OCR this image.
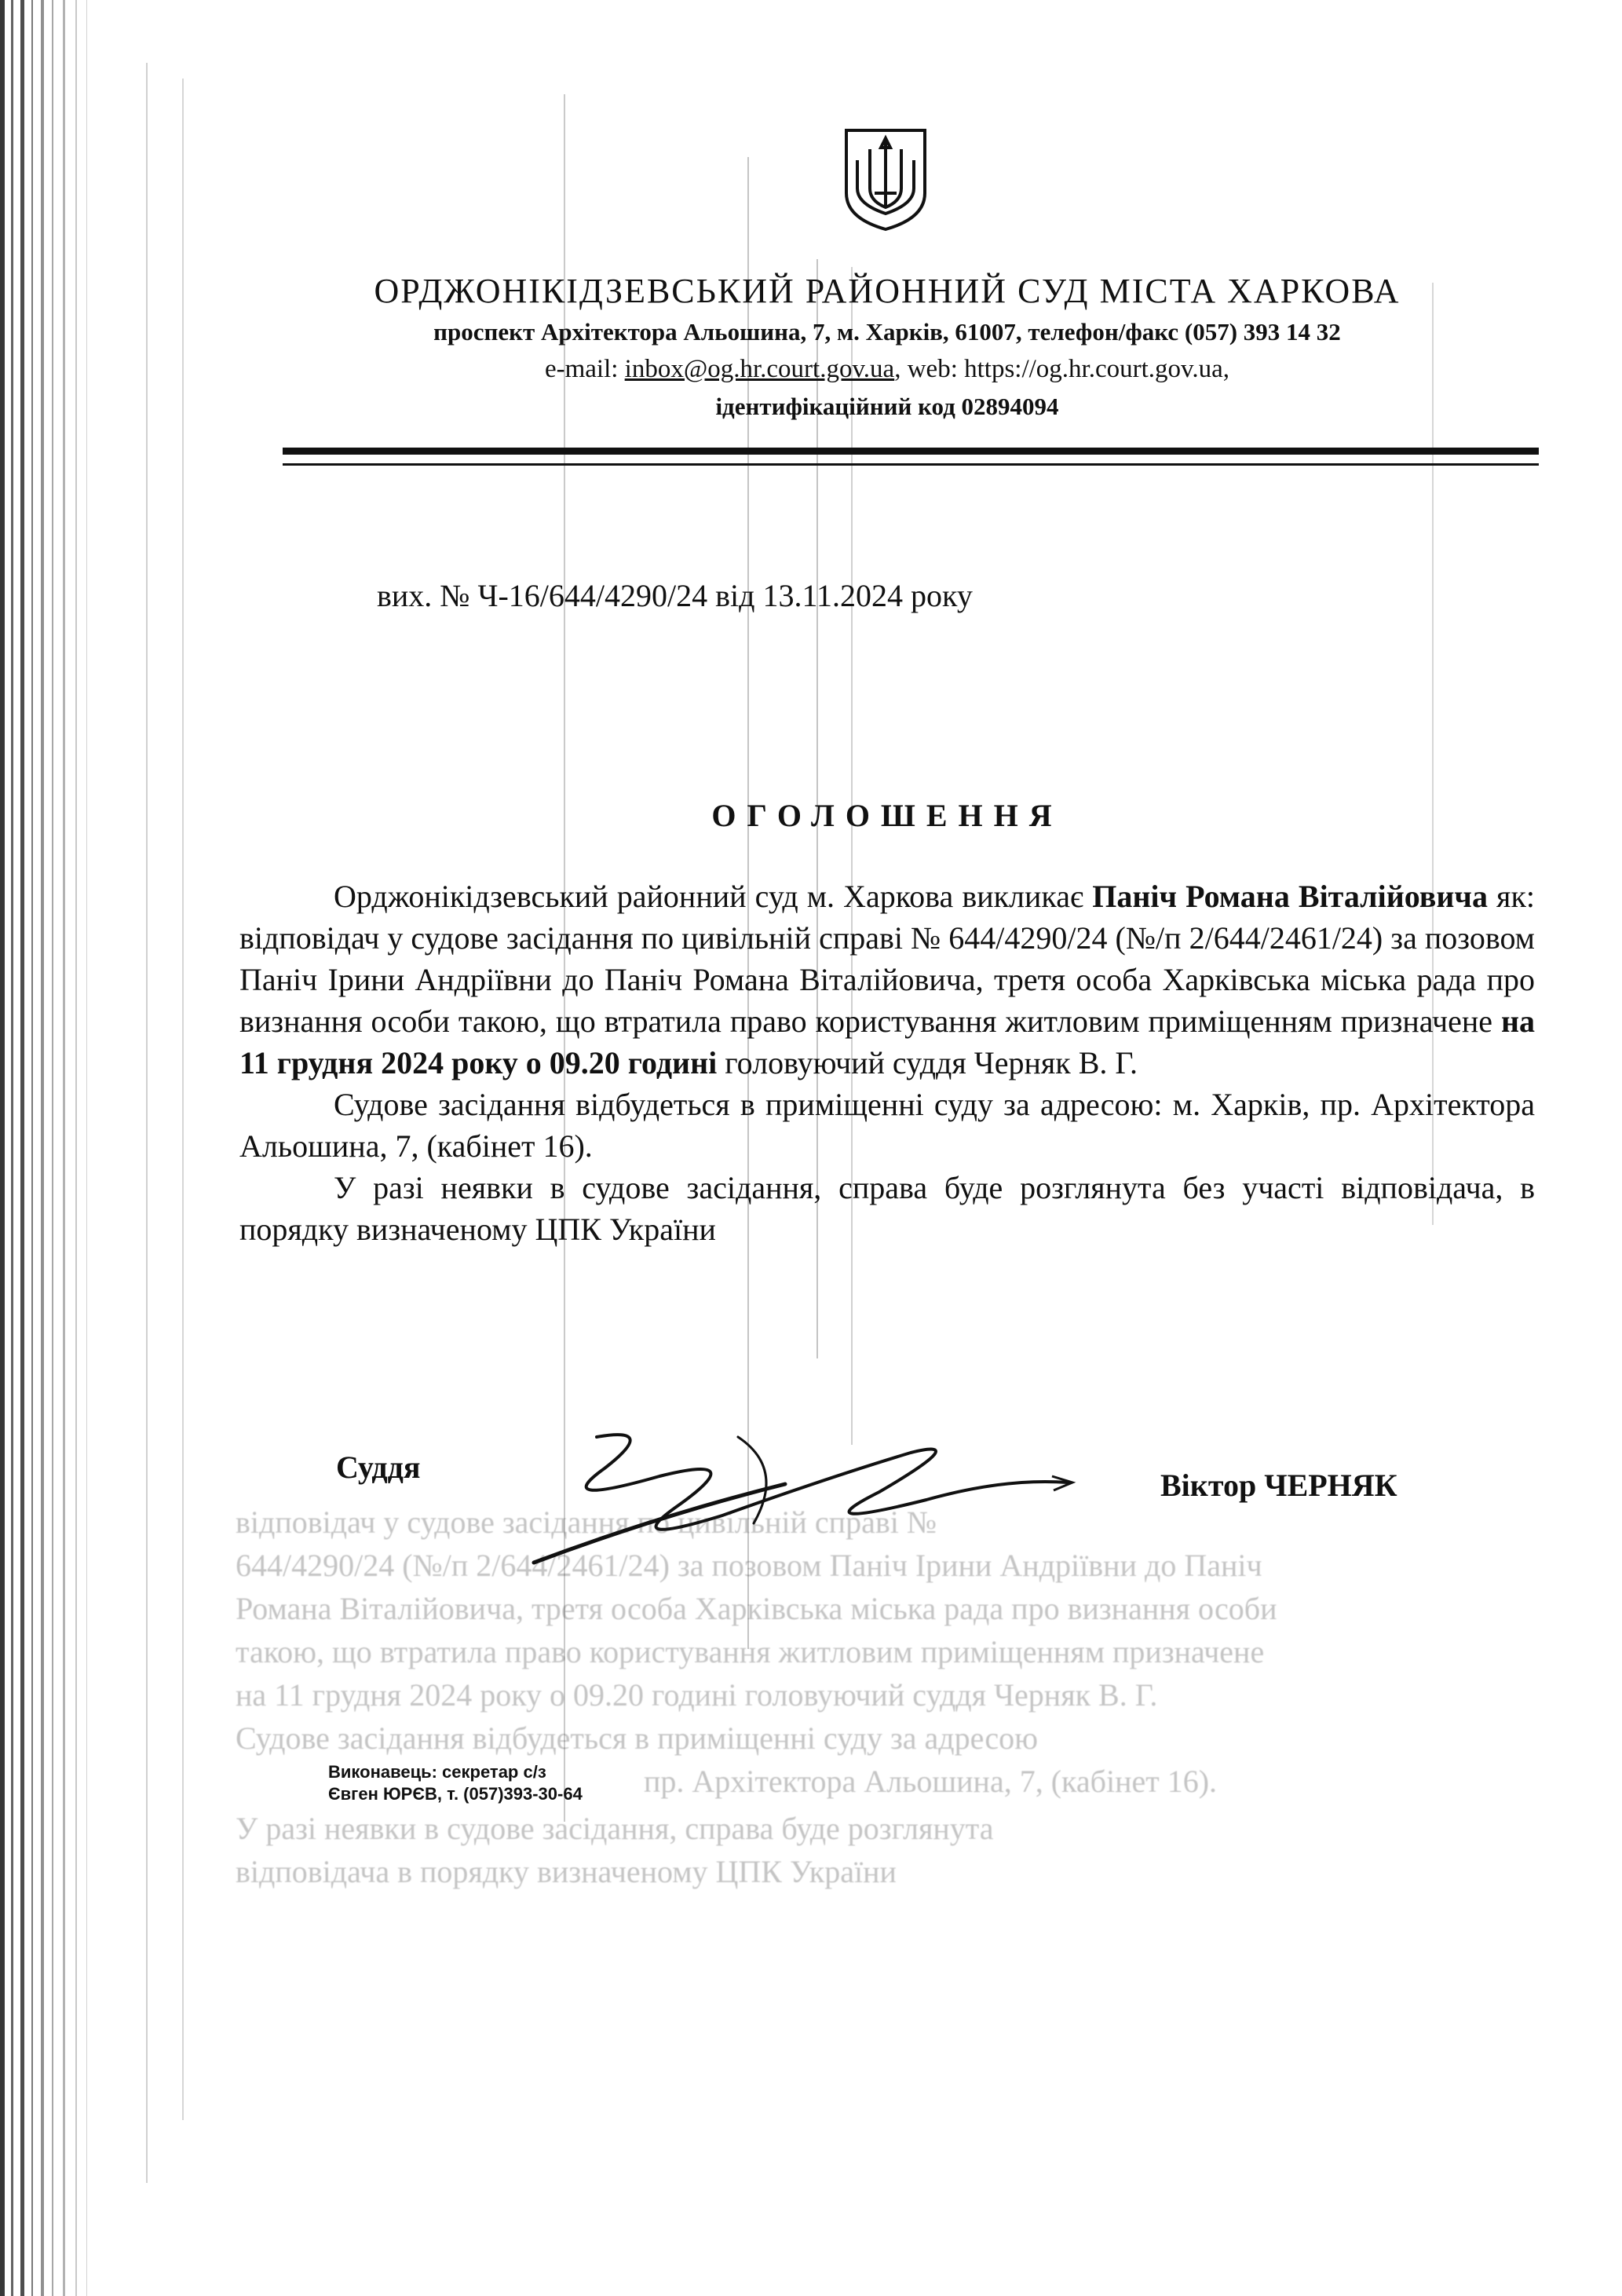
ОРДЖОНІКІДЗЕВСЬКИЙ РАЙОННИЙ СУД МІСТА ХАРКОВА
проспект Архітектора Альошина, 7, м. Харків, 61007, телефон/факс (057) 393 14 32
e-mail: inbox@og.hr.court.gov.ua, web: https://og.hr.court.gov.ua,
ідентифікаційний код 02894094
вих. № Ч-16/644/4290/24 від 13.11.2024 року
ОГОЛОШЕННЯ

Орджонікідзевський районний суд м. Харкова викликає Паніч Романа Віталійовича як: відповідач у судове засідання по цивільній справі № 644/4290/24 (№/п 2/644/2461/24) за позовом Паніч Ірини Андріївни до Паніч Романа Віталійовича, третя особа Харківська міська рада про визнання особи такою, що втратила право користування житловим приміщенням призначене на 11 грудня 2024 року о 09.20 годині головуючий суддя Черняк В. Г.

Судове засідання відбудеться в приміщенні суду за адресою: м. Харків, пр. Архітектора Альошина, 7, (кабінет 16).

У разі неявки в судове засідання, справа буде розглянута без участі відповідача, в порядку визначеному ЦПК України

відповідач у судове засідання по цивільній справі №
644/4290/24 (№/п 2/644/2461/24) за позовом Паніч Ірини Андріївни до Паніч
Романа Віталійовича, третя особа Харківська міська рада про визнання особи
такою, що втратила право користування житловим приміщенням призначене
на 11 грудня 2024 року о 09.20 годині головуючий суддя Черняк В. Г.
Судове засідання відбудеться в приміщенні суду за адресою
пр. Архітектора Альошина, 7, (кабінет 16).
У разі неявки в судове засідання, справа буде розглянута
відповідача в порядку визначеному ЦПК України
Суддя
Віктор ЧЕРНЯК
Виконавець: секретар с/з
Євген ЮРЄВ, т. (057)393-30-64
